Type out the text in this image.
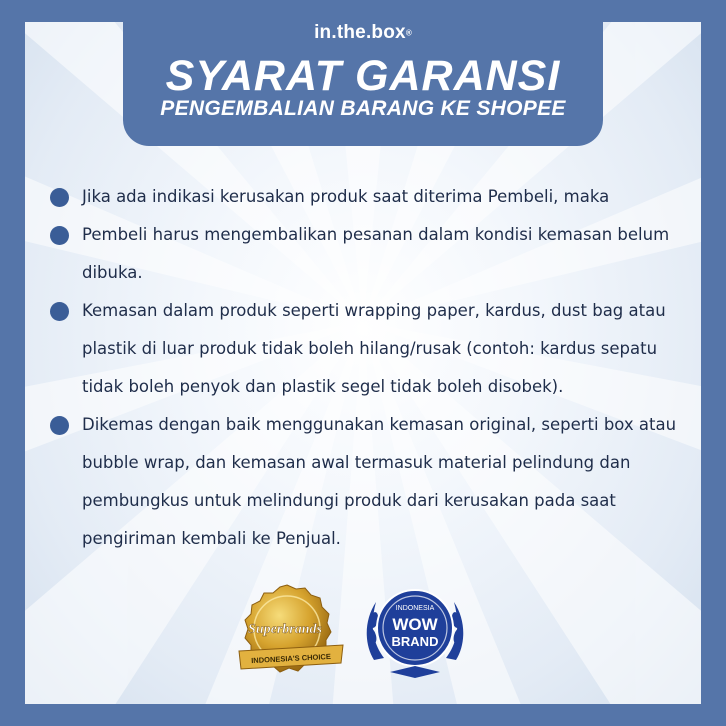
in.the.box®
SYARAT GARANSI
PENGEMBALIAN BARANG KE SHOPEE
Jika ada indikasi kerusakan produk saat diterima Pembeli, maka
Pembeli harus mengembalikan pesanan dalam kondisi kemasan belum dibuka.
Kemasan dalam produk seperti wrapping paper, kardus, dust bag atau plastik di luar produk tidak boleh hilang/rusak (contoh: kardus sepatu tidak boleh penyok dan plastik segel tidak boleh disobek).
Dikemas dengan baik menggunakan kemasan original, seperti box atau bubble wrap, dan kemasan awal termasuk material pelindung dan pembungkus untuk melindungi produk dari kerusakan pada saat pengiriman kembali ke Penjual.
Superbrands
INDONESIA'S CHOICE
INDONESIA
WOW
BRAND
